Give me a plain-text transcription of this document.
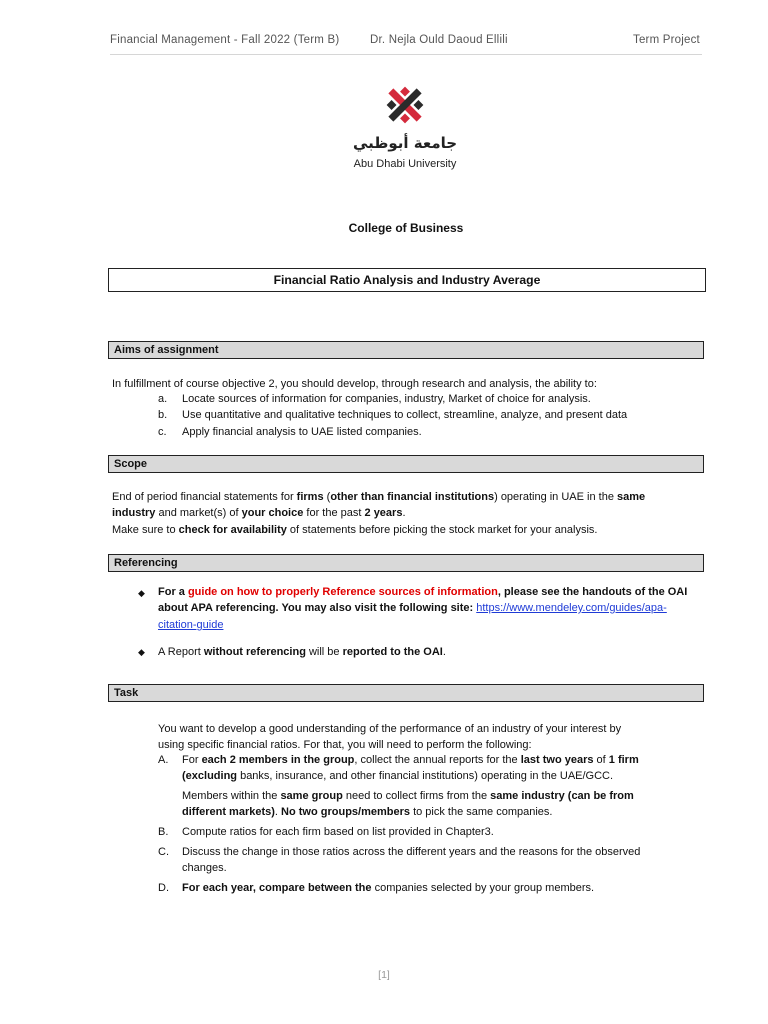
Financial Management - Fall 2022 (Term B)	Dr. Nejla Ould Daoud Ellili	Term Project
جامعة أبوظبي
Abu Dhabi University
College of Business
Financial Ratio Analysis and Industry Average
Aims of assignment
In fulfillment of course objective 2, you should develop, through research and analysis, the ability to:
a. Locate sources of information for companies, industry, Market of choice for analysis.
b. Use quantitative and qualitative techniques to collect, streamline, analyze, and present data
c. Apply financial analysis to UAE listed companies.
Scope
End of period financial statements for firms (other than financial institutions) operating in UAE in the same
industry and market(s) of your choice for the past 2 years.
Make sure to check for availability of statements before picking the stock market for your analysis.
Referencing
◆ For a guide on how to properly Reference sources of information, please see the handouts of the OAI
about APA referencing. You may also visit the following site: https://www.mendeley.com/guides/apa-
citation-guide
◆ A Report without referencing will be reported to the OAI.
Task
You want to develop a good understanding of the performance of an industry of your interest by
using specific financial ratios. For that, you will need to perform the following:
A. For each 2 members in the group, collect the annual reports for the last two years of 1 firm
(excluding banks, insurance, and other financial institutions) operating in the UAE/GCC.
Members within the same group need to collect firms from the same industry (can be from
different markets). No two groups/members to pick the same companies.
B. Compute ratios for each firm based on list provided in Chapter3.
C. Discuss the change in those ratios across the different years and the reasons for the observed
changes.
D. For each year, compare between the companies selected by your group members.
[1]
